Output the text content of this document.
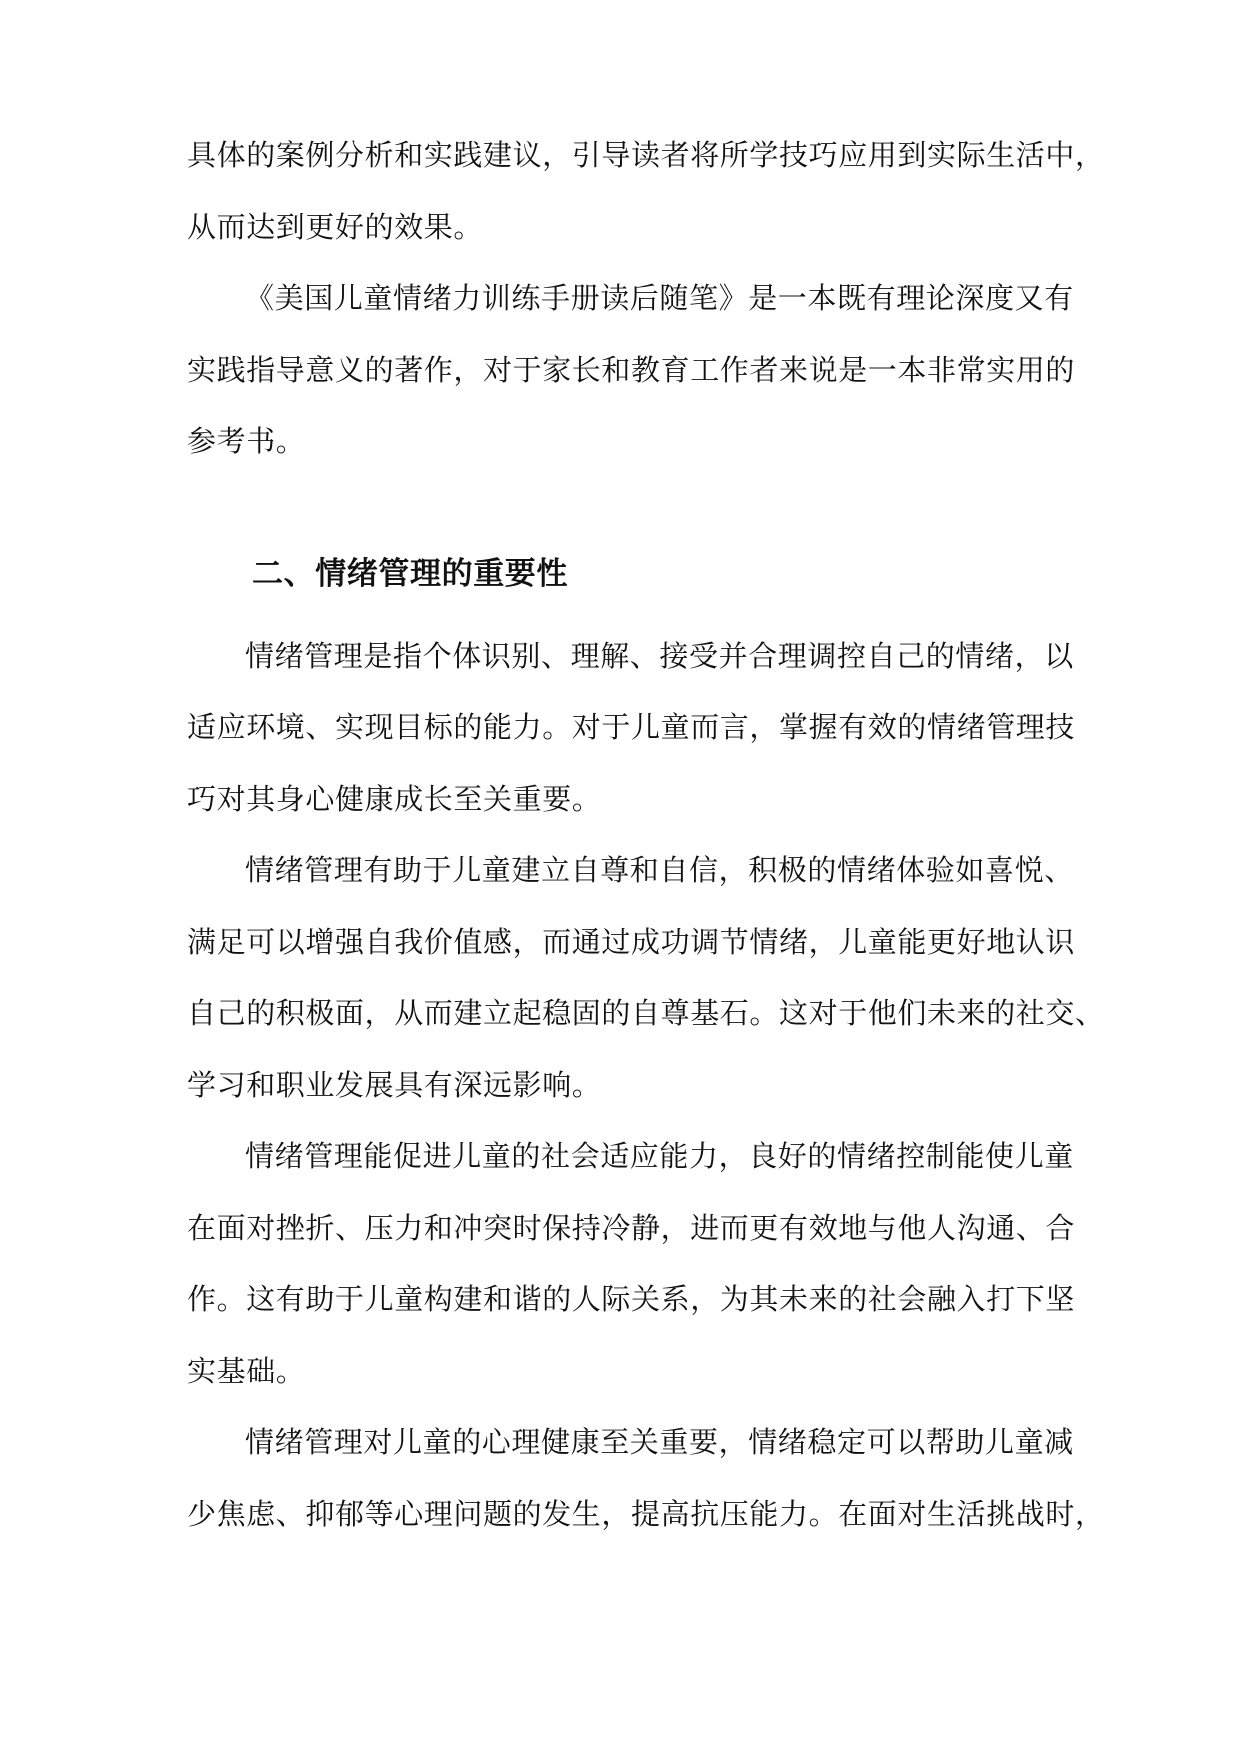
具体的案例分析和实践建议，引导读者将所学技巧应用到实际生活中，
从而达到更好的效果。
《美国儿童情绪力训练手册读后随笔》是一本既有理论深度又有
实践指导意义的著作，对于家长和教育工作者来说是一本非常实用的
参考书。
二、情绪管理的重要性
情绪管理是指个体识别、理解、接受并合理调控自己的情绪，以
适应环境、实现目标的能力。对于儿童而言，掌握有效的情绪管理技
巧对其身心健康成长至关重要。
情绪管理有助于儿童建立自尊和自信，积极的情绪体验如喜悦、
满足可以增强自我价值感，而通过成功调节情绪，儿童能更好地认识
自己的积极面，从而建立起稳固的自尊基石。这对于他们未来的社交、
学习和职业发展具有深远影响。
情绪管理能促进儿童的社会适应能力，良好的情绪控制能使儿童
在面对挫折、压力和冲突时保持冷静，进而更有效地与他人沟通、合
作。这有助于儿童构建和谐的人际关系，为其未来的社会融入打下坚
实基础。
情绪管理对儿童的心理健康至关重要，情绪稳定可以帮助儿童减
少焦虑、抑郁等心理问题的发生，提高抗压能力。在面对生活挑战时，
